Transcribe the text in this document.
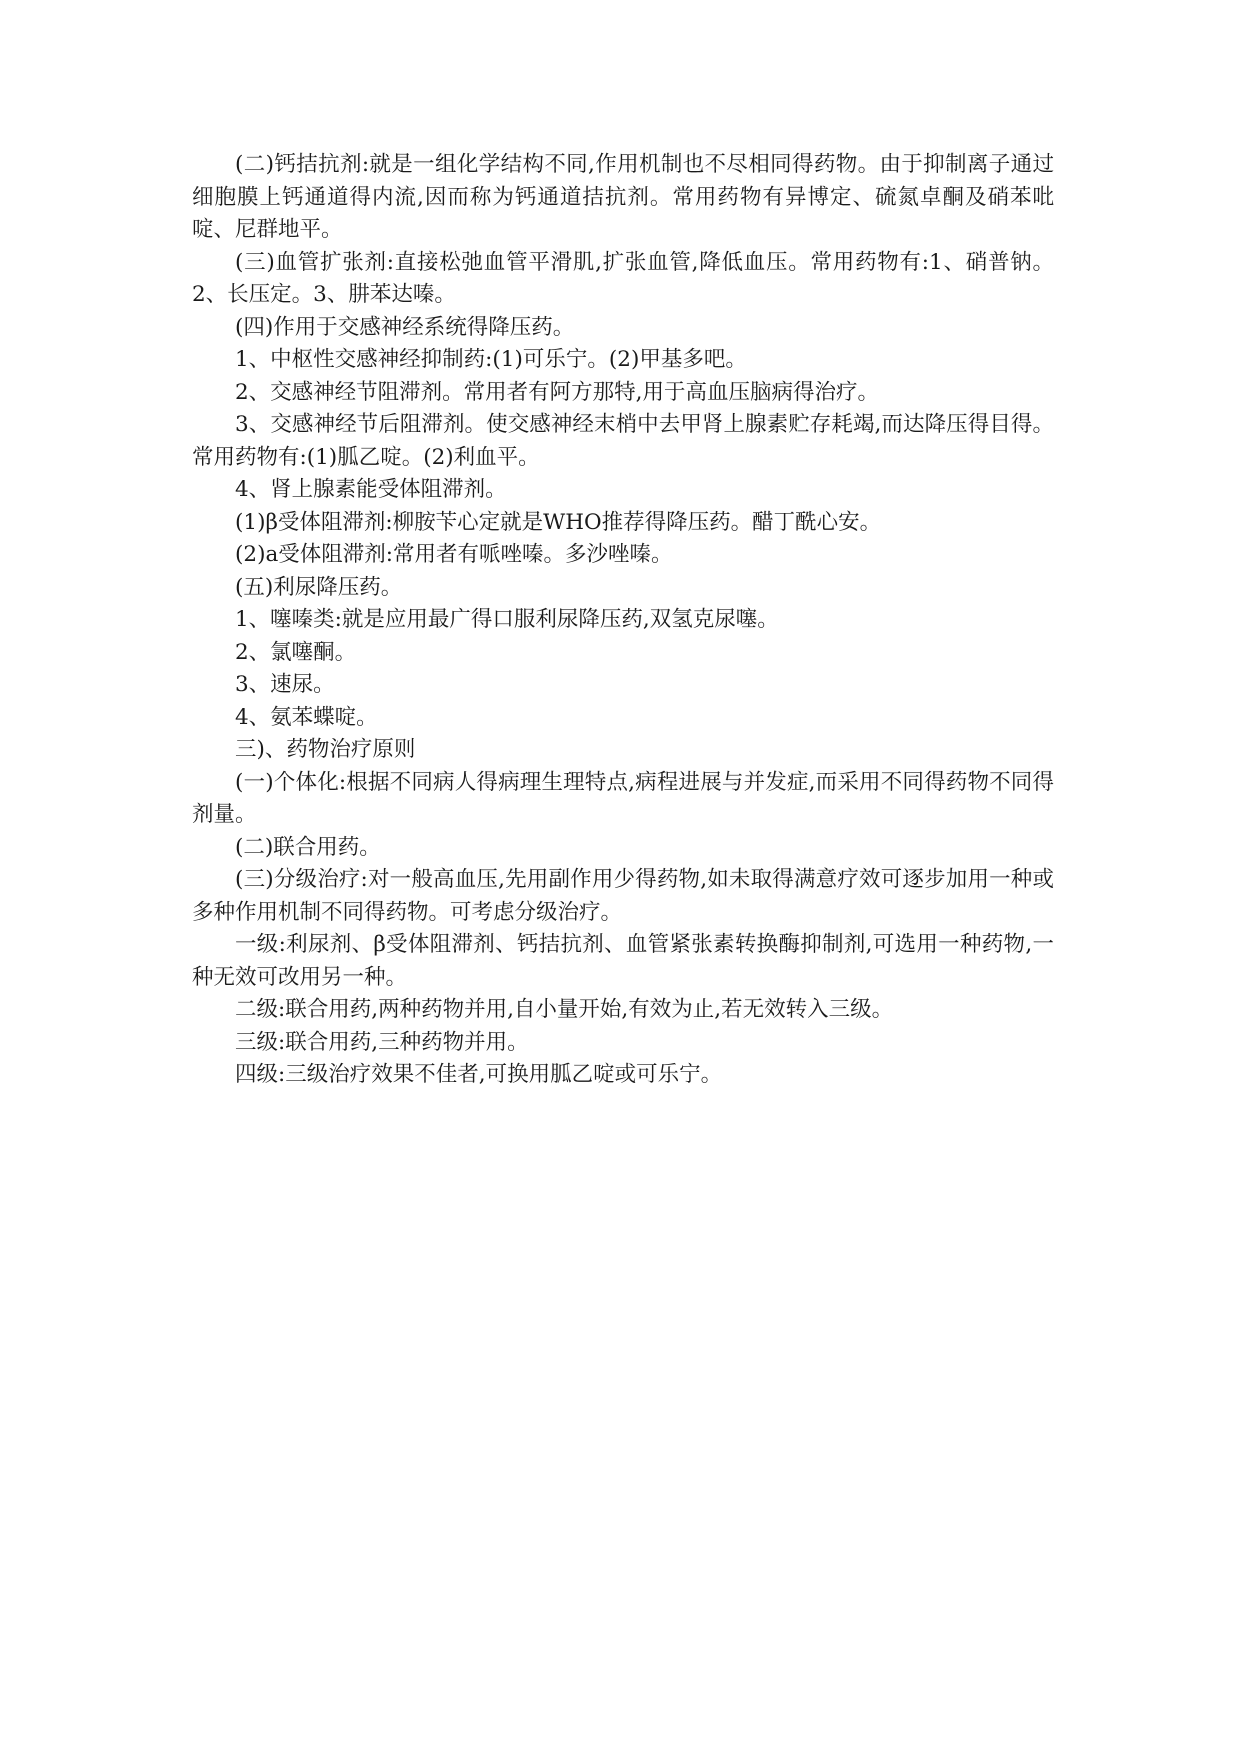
(二)钙拮抗剂:就是一组化学结构不同,作用机制也不尽相同得药物。由于抑制离子通过细胞膜上钙通道得内流,因而称为钙通道拮抗剂。常用药物有异博定、硫氮卓酮及硝苯吡啶、尼群地平。

(三)血管扩张剂:直接松弛血管平滑肌,扩张血管,降低血压。常用药物有:1、硝普钠。2、长压定。3、肼苯达嗪。

(四)作用于交感神经系统得降压药。

1、中枢性交感神经抑制药:(1)可乐宁。(2)甲基多吧。

2、交感神经节阻滞剂。常用者有阿方那特,用于高血压脑病得治疗。

3、交感神经节后阻滞剂。使交感神经末梢中去甲肾上腺素贮存耗竭,而达降压得目得。常用药物有:(1)胍乙啶。(2)利血平。

4、肾上腺素能受体阻滞剂。

(1)β受体阻滞剂:柳胺苄心定就是WHO推荐得降压药。醋丁酰心安。

(2)a受体阻滞剂:常用者有哌唑嗪。多沙唑嗪。

(五)利尿降压药。

1、噻嗪类:就是应用最广得口服利尿降压药,双氢克尿噻。

2、氯噻酮。

3、速尿。

4、氨苯蝶啶。

三)、药物治疗原则

(一)个体化:根据不同病人得病理生理特点,病程进展与并发症,而采用不同得药物不同得剂量。

(二)联合用药。

(三)分级治疗:对一般高血压,先用副作用少得药物,如未取得满意疗效可逐步加用一种或多种作用机制不同得药物。可考虑分级治疗。

一级:利尿剂、β受体阻滞剂、钙拮抗剂、血管紧张素转换酶抑制剂,可选用一种药物,一种无效可改用另一种。

二级:联合用药,两种药物并用,自小量开始,有效为止,若无效转入三级。

三级:联合用药,三种药物并用。

四级:三级治疗效果不佳者,可换用胍乙啶或可乐宁。
